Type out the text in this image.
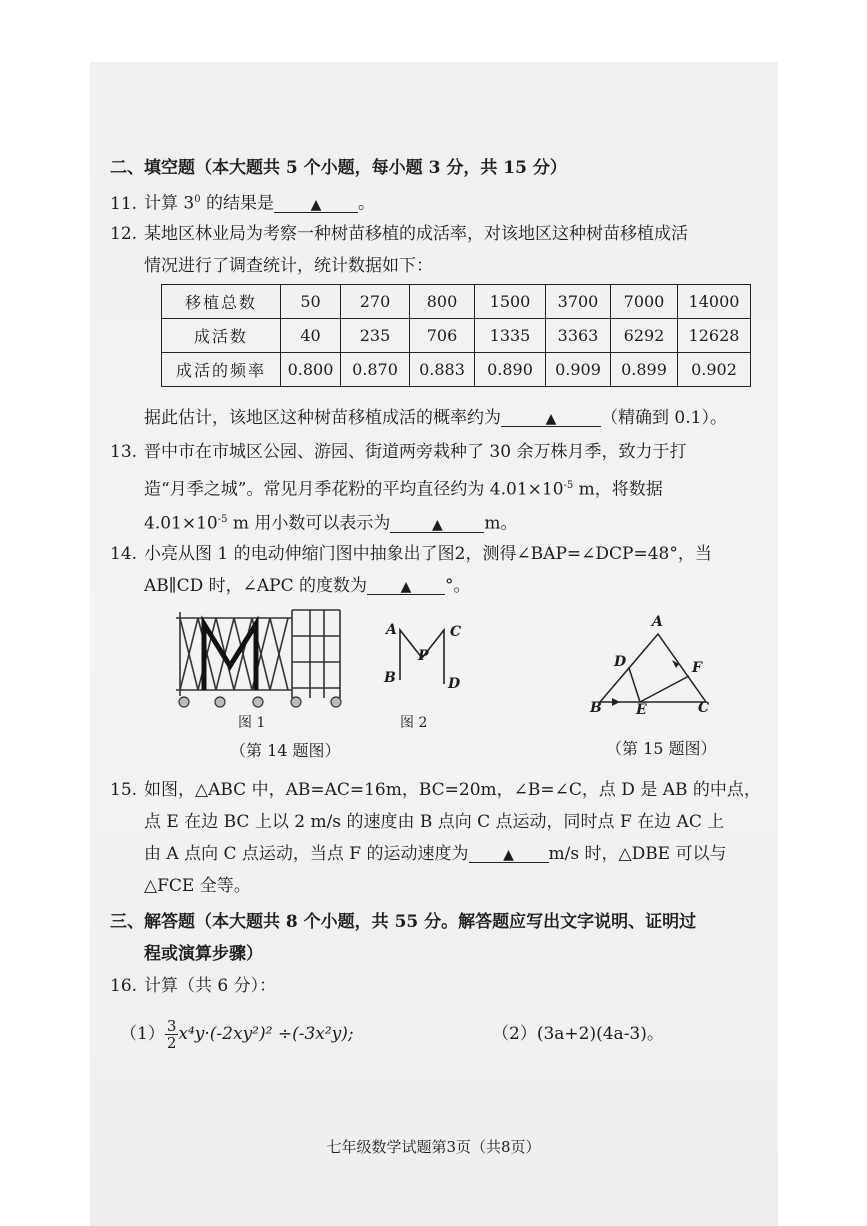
二、填空题（本大题共 5 个小题，每小题 3 分，共 15 分）
11. 计算 $3^0$ 的结果是	▲ 。
12. 某地区林业局为考察一种树苗移植的成活率，对该地区这种树苗移植成活
情况进行了调查统计，统计数据如下：
移植总数	50	270	800	1500	3700	7000	14000
成活数	40	235	706	1335	3363	6292	12628
成活的频率	0.800	0.870	0.883	0.890	0.909	0.899	0.902
据此估计，该地区这种树苗移植成活的概率约为	▲	（精确到 0.1）。
13. 晋中市在市城区公园、游园、街道两旁栽种了 30 余万株月季，致力于打
造“月季之城”。常见月季花粉的平均直径约为 $4.01\times 10^{-5}$ m，将数据
$4.01\times 10^{-5}$ m 用小数可以表示为	▲ m。
14. 小亮从图 1 的电动伸缩门图中抽象出了图2，测得∠BAP=∠DCP=48°，当
AB∥CD 时，∠APC 的度数为 ▲ °。
图 1
A	C
P
B	D
图 2
（第 14 题图）
A
D	F
B E	C
（第 15 题图）
15. 如图，△ABC 中，AB=AC=16m，BC=20m，∠B=∠C，点 D 是 AB 的中点，
点 E 在边 BC 上以 2 m/s 的速度由 B 点向 C 点运动，同时点 F 在边 AC 上
由 A 点向 C 点运动，当点 F 的运动速度为 ▲ m/s 时，△DBE 可以与
△FCE 全等。
三、解答题（本大题共 8 个小题，共 55 分。解答题应写出文字说明、证明过
程或演算步骤）
16. 计算（共 6 分）：
$(1) \frac{3}{2} x^4y\cdot(-2xy^2)^2 \div(-3x^2y)$;	（2）(3a+2)(4a-3)。
七年级数学试题第3页（共8页）
